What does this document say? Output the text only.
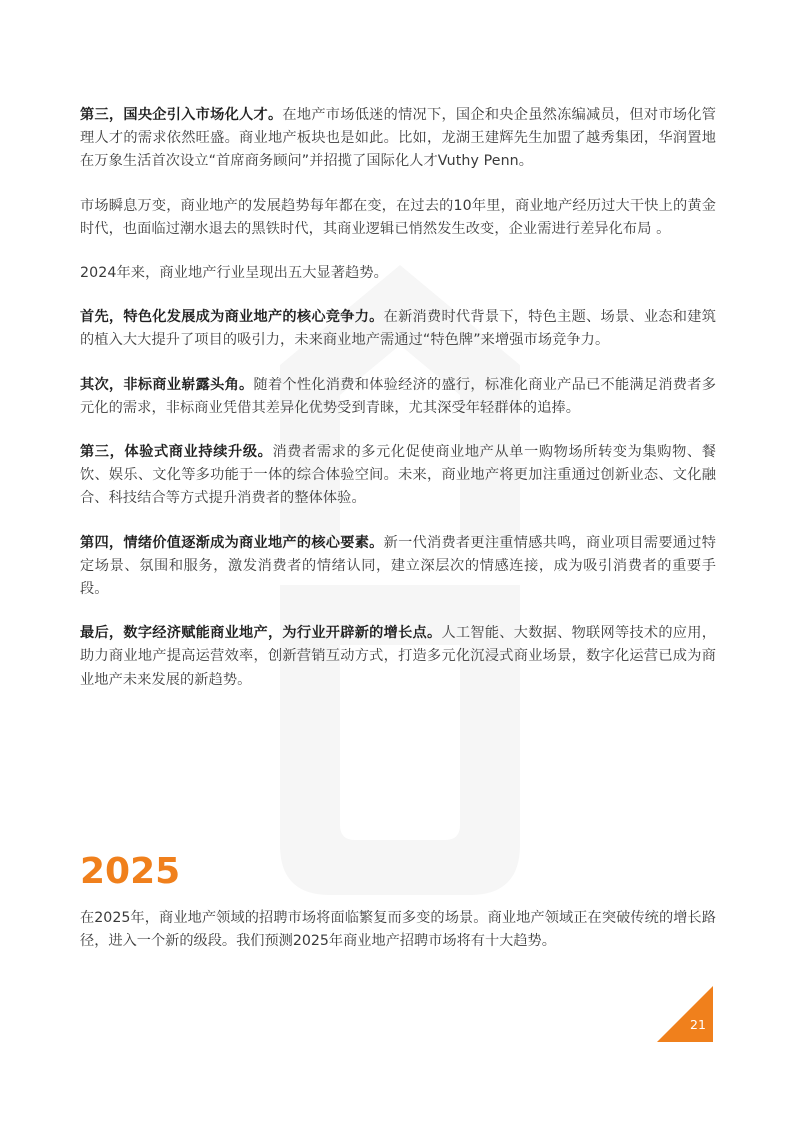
第三，国央企引入市场化人才。在地产市场低迷的情况下，国企和央企虽然冻编减员，但对市场化管理人才的需求依然旺盛。商业地产板块也是如此。比如，龙湖王建辉先生加盟了越秀集团，华润置地在万象生活首次设立“首席商务顾问”并招揽了国际化人才Vuthy Penn。

市场瞬息万变，商业地产的发展趋势每年都在变，在过去的10年里，商业地产经历过大干快上的黄金时代，也面临过潮水退去的黑铁时代，其商业逻辑已悄然发生改变，企业需进行差异化布局 。

2024年来，商业地产行业呈现出五大显著趋势。

首先，特色化发展成为商业地产的核心竞争力。在新消费时代背景下，特色主题、场景、业态和建筑的植入大大提升了项目的吸引力，未来商业地产需通过“特色牌”来增强市场竞争力。

其次，非标商业崭露头角。随着个性化消费和体验经济的盛行，标准化商业产品已不能满足消费者多元化的需求，非标商业凭借其差异化优势受到青睐，尤其深受年轻群体的追捧。

第三，体验式商业持续升级。消费者需求的多元化促使商业地产从单一购物场所转变为集购物、餐饮、娱乐、文化等多功能于一体的综合体验空间。未来，商业地产将更加注重通过创新业态、文化融合、科技结合等方式提升消费者的整体体验。

第四，情绪价值逐渐成为商业地产的核心要素。新一代消费者更注重情感共鸣，商业项目需要通过特定场景、氛围和服务，激发消费者的情绪认同，建立深层次的情感连接，成为吸引消费者的重要手段。

最后，数字经济赋能商业地产，为行业开辟新的增长点。人工智能、大数据、物联网等技术的应用，助力商业地产提高运营效率，创新营销互动方式，打造多元化沉浸式商业场景，数字化运营已成为商业地产未来发展的新趋势。

2025

在2025年，商业地产领域的招聘市场将面临繁复而多变的场景。商业地产领域正在突破传统的增长路径，进入一个新的级段。我们预测2025年商业地产招聘市场将有十大趋势。

21
